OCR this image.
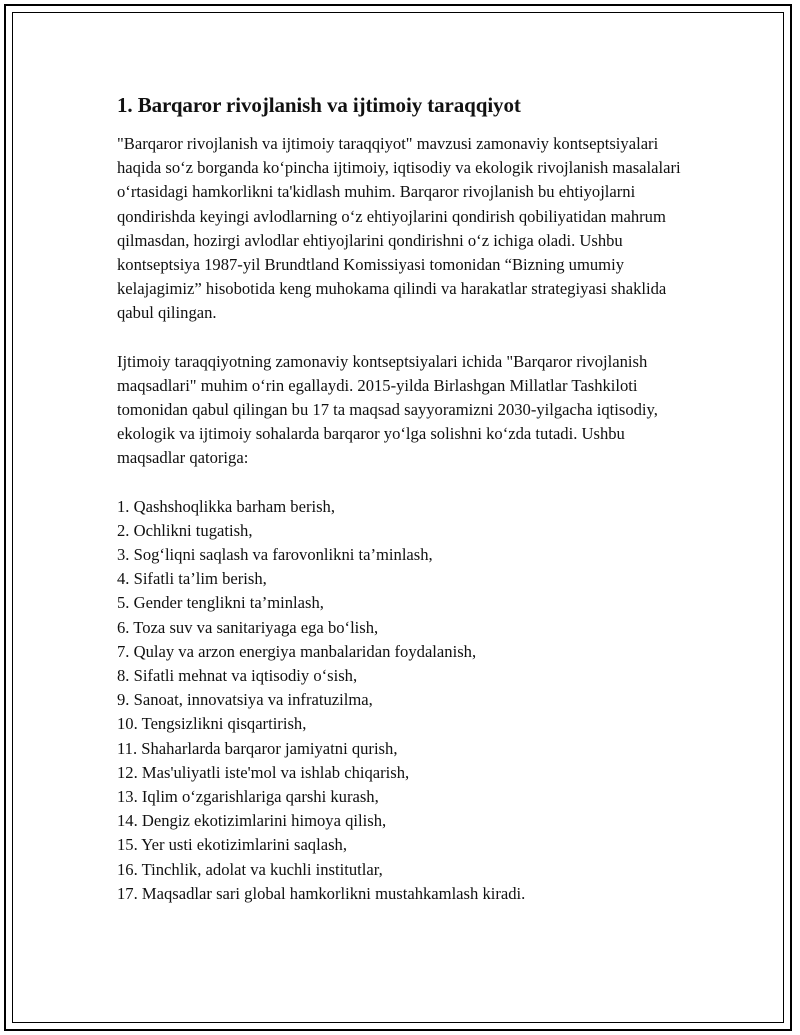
1. Barqaror rivojlanish va ijtimoiy taraqqiyot

"Barqaror rivojlanish va ijtimoiy taraqqiyot" mavzusi zamonaviy kontseptsiyalari haqida so‘z borganda ko‘pincha ijtimoiy, iqtisodiy va ekologik rivojlanish masalalari o‘rtasidagi hamkorlikni ta'kidlash muhim. Barqaror rivojlanish bu ehtiyojlarni qondirishda keyingi avlodlarning o‘z ehtiyojlarini qondirish qobiliyatidan mahrum qilmasdan, hozirgi avlodlar ehtiyojlarini qondirishni o‘z ichiga oladi. Ushbu kontseptsiya 1987-yil Brundtland Komissiyasi tomonidan “Bizning umumiy kelajagimiz” hisobotida keng muhokama qilindi va harakatlar strategiyasi shaklida qabul qilingan.

Ijtimoiy taraqqiyotning zamonaviy kontseptsiyalari ichida "Barqaror rivojlanish maqsadlari" muhim o‘rin egallaydi. 2015-yilda Birlashgan Millatlar Tashkiloti tomonidan qabul qilingan bu 17 ta maqsad sayyoramizni 2030-yilgacha iqtisodiy, ekologik va ijtimoiy sohalarda barqaror yo‘lga solishni ko‘zda tutadi. Ushbu maqsadlar qatoriga:

1. Qashshoqlikka barham berish,
2. Ochlikni tugatish,
3. Sog‘liqni saqlash va farovonlikni ta’minlash,
4. Sifatli ta’lim berish,
5. Gender tenglikni ta’minlash,
6. Toza suv va sanitariyaga ega bo‘lish,
7. Qulay va arzon energiya manbalaridan foydalanish,
8. Sifatli mehnat va iqtisodiy o‘sish,
9. Sanoat, innovatsiya va infratuzilma,
10. Tengsizlikni qisqartirish,
11. Shaharlarda barqaror jamiyatni qurish,
12. Mas'uliyatli iste'mol va ishlab chiqarish,
13. Iqlim o‘zgarishlariga qarshi kurash,
14. Dengiz ekotizimlarini himoya qilish,
15. Yer usti ekotizimlarini saqlash,
16. Tinchlik, adolat va kuchli institutlar,
17. Maqsadlar sari global hamkorlikni mustahkamlash kiradi.
